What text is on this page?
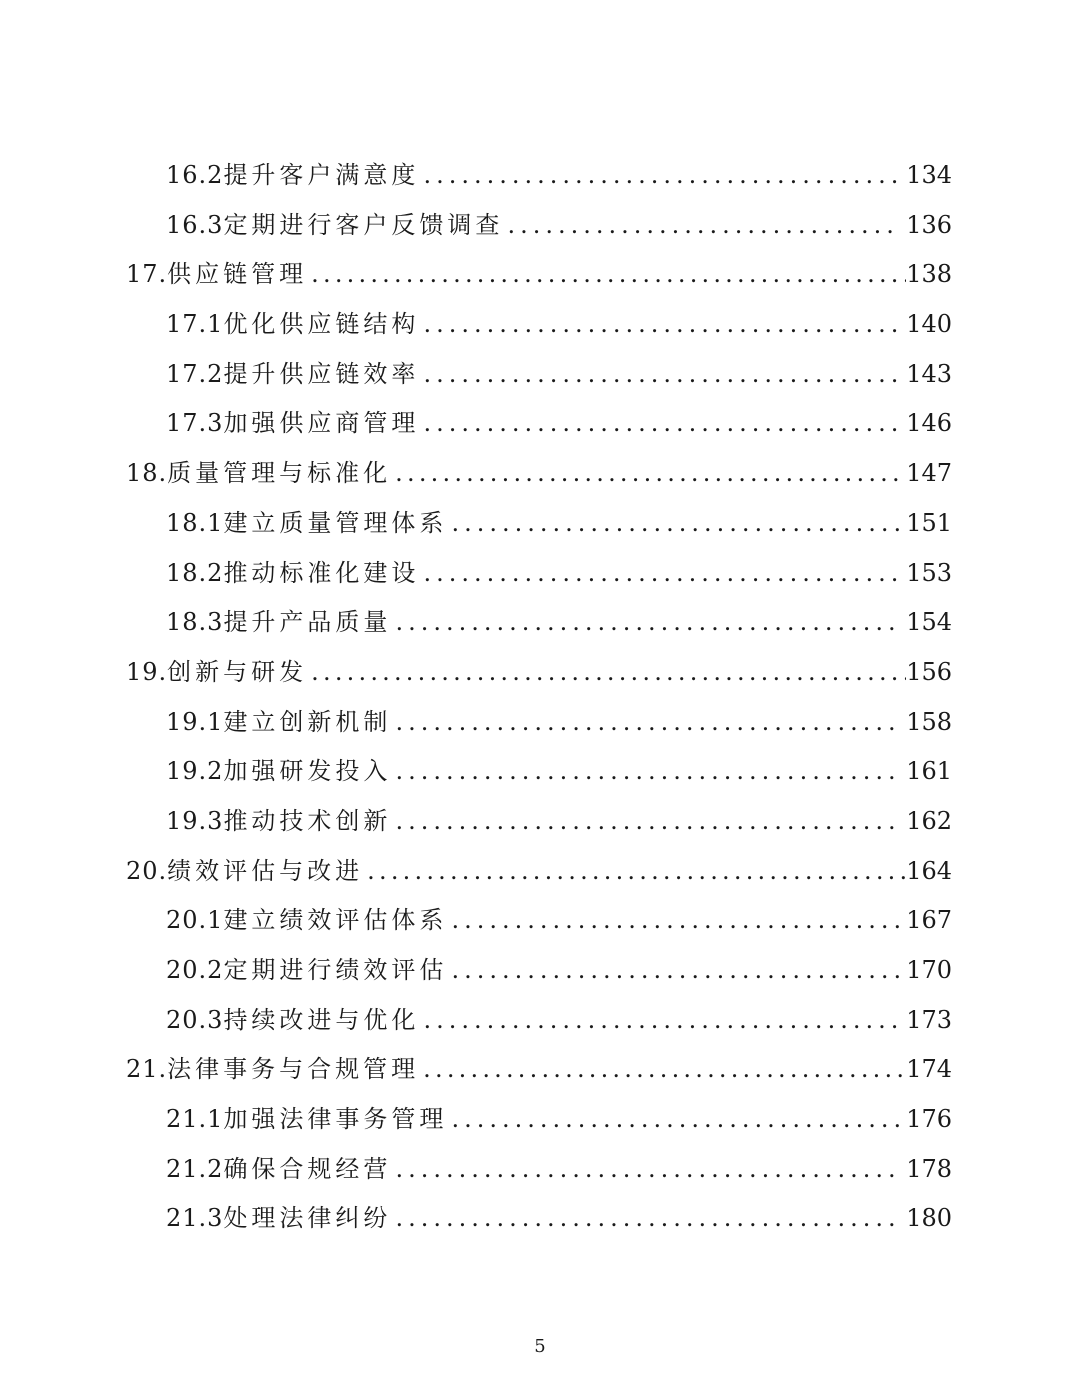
16.2 提升客户满意度 .....	134
16.3 定期进行客户反馈调查 .....	136
17. 供应链管理 .....	138
17.1 优化供应链结构 .....	140
17.2 提升供应链效率 .....	143
17.3 加强供应商管理 .....	146
18. 质量管理与标准化 .....	147
18.1 建立质量管理体系 .....	151
18.2 推动标准化建设 .....	153
18.3 提升产品质量 .....	154
19. 创新与研发 .....	156
19.1 建立创新机制 .....	158
19.2 加强研发投入 .....	161
19.3 推动技术创新 .....	162
20. 绩效评估与改进 .....	164
20.1 建立绩效评估体系 .....	167
20.2 定期进行绩效评估 .....	170
20.3 持续改进与优化 .....	173
21. 法律事务与合规管理 .....	174
21.1 加强法律事务管理 .....	176
21.2 确保合规经营 .....	178
21.3 处理法律纠纷 .....	180
5
